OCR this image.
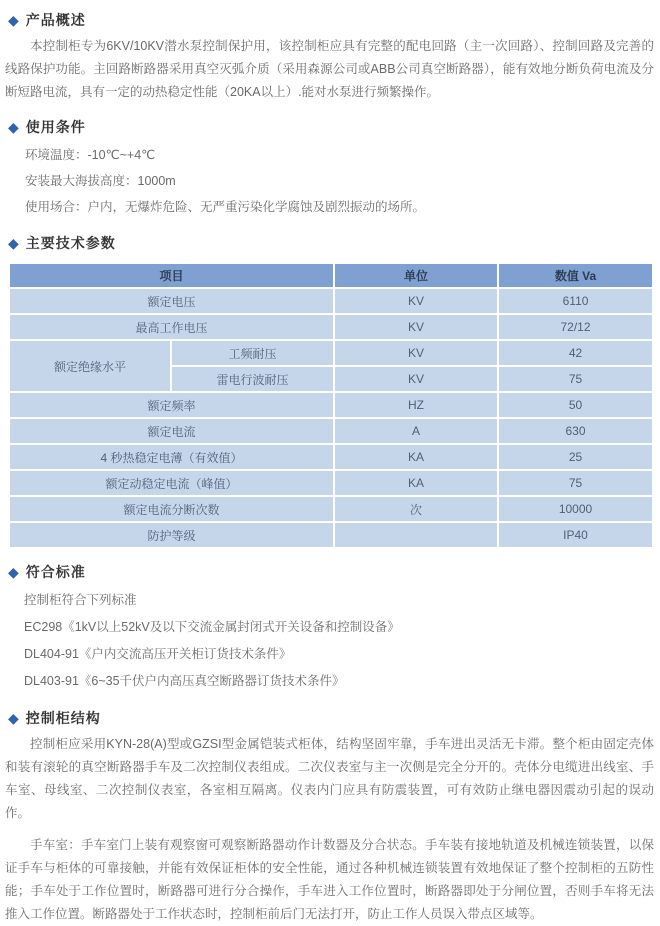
◆ 产品概述

本控制柜专为6KV/10KV潜水泵控制保护用，该控制柜应具有完整的配电回路（主一次回路）、控制回路及完善的线路保护功能。主回路断路器采用真空灭弧介质（采用森源公司或ABB公司真空断路器），能有效地分断负荷电流及分断短路电流，具有一定的动热稳定性能（20KA以上）.能对水泵进行频繁操作。

◆ 使用条件
环境温度：-10℃~+4℃
安装最大海拔高度：1000m
使用场合：户内，无爆炸危险、无严重污染化学腐蚀及剧烈振动的场所。
◆ 主要技术参数
项目		单位	数值 Va
额定电压		KV	6110
最高工作电压		KV	72/12
额定绝缘水平	工频耐压	KV	42
	雷电行波耐压	KV	75
额定频率		HZ	50
额定电流		A	630
4 秒热稳定电薄（有效值）		KA	25
额定动稳定电流（峰值）		KA	75
额定电流分断次数		次	10000
防护等级			IP40
◆ 符合标准
控制柜符合下列标准
EC298《1kV以上52kV及以下交流金属封闭式开关设备和控制设备》
DL404-91《户内交流高压开关柜订货技术条件》
DL403-91《6~35千伏户内高压真空断路器订货技术条件》
◆ 控制柜结构

控制柜应采用KYN-28(A)型或GZSI型金属铠装式柜体，结构坚固牢靠，手车进出灵活无卡滞。整个柜由固定壳体和装有滚轮的真空断路器手车及二次控制仪表组成。二次仪表室与主一次侧是完全分开的。壳体分电缆进出线室、手车室、母线室、二次控制仪表室，各室相互隔离。仪表内门应具有防震装置，可有效防止继电器因震动引起的误动作。

手车室：手车室门上装有观察窗可观察断路器动作计数器及分合状态。手车装有接地轨道及机械连锁装置，以保证手车与柜体的可靠接触，并能有效保证柜体的安全性能，通过各种机械连锁装置有效地保证了整个控制柜的五防性能；手车处于工作位置时，断路器可进行分合操作，手车进入工作位置时，断路器即处于分闸位置，否则手车将无法推入工作位置。断路器处于工作状态时，控制柜前后门无法打开，防止工作人员误入带点区域等。
